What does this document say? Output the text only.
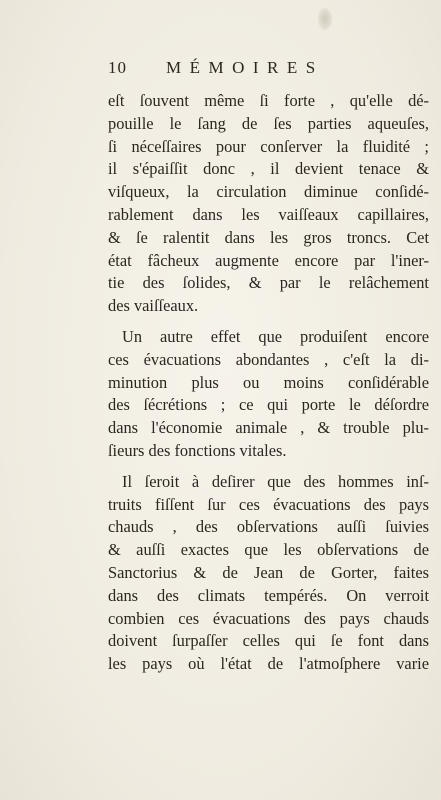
10	MÉMOIRES

eſt ſouvent même ſi forte , qu'elle dé-
pouille le ſang de ſes parties aqueuſes,
ſi néceſſaires pour conſerver la fluidité ;
il s'épaiſſit donc , il devient tenace &
viſqueux, la circulation diminue conſidé-
rablement dans les vaiſſeaux capillaires,
& ſe ralentit dans les gros troncs. Cet
état fâcheux augmente encore par l'iner-
tie des ſolides, & par le relâchement
des vaiſſeaux.

Un autre effet que produiſent encore
ces évacuations abondantes , c'eſt la di-
minution plus ou moins conſidérable
des ſécrétions ; ce qui porte le déſordre
dans l'économie animale , & trouble plu-
ſieurs des fonctions vitales.

Il ſeroit à deſirer que des hommes inſ-
truits fiſſent ſur ces évacuations des pays
chauds , des obſervations auſſi ſuivies
& auſſi exactes que les obſervations de
Sanctorius & de Jean de Gorter, faites
dans des climats tempérés. On verroit
combien ces évacuations des pays chauds
doivent ſurpaſſer celles qui ſe font dans
les pays où l'état de l'atmoſphere varie
